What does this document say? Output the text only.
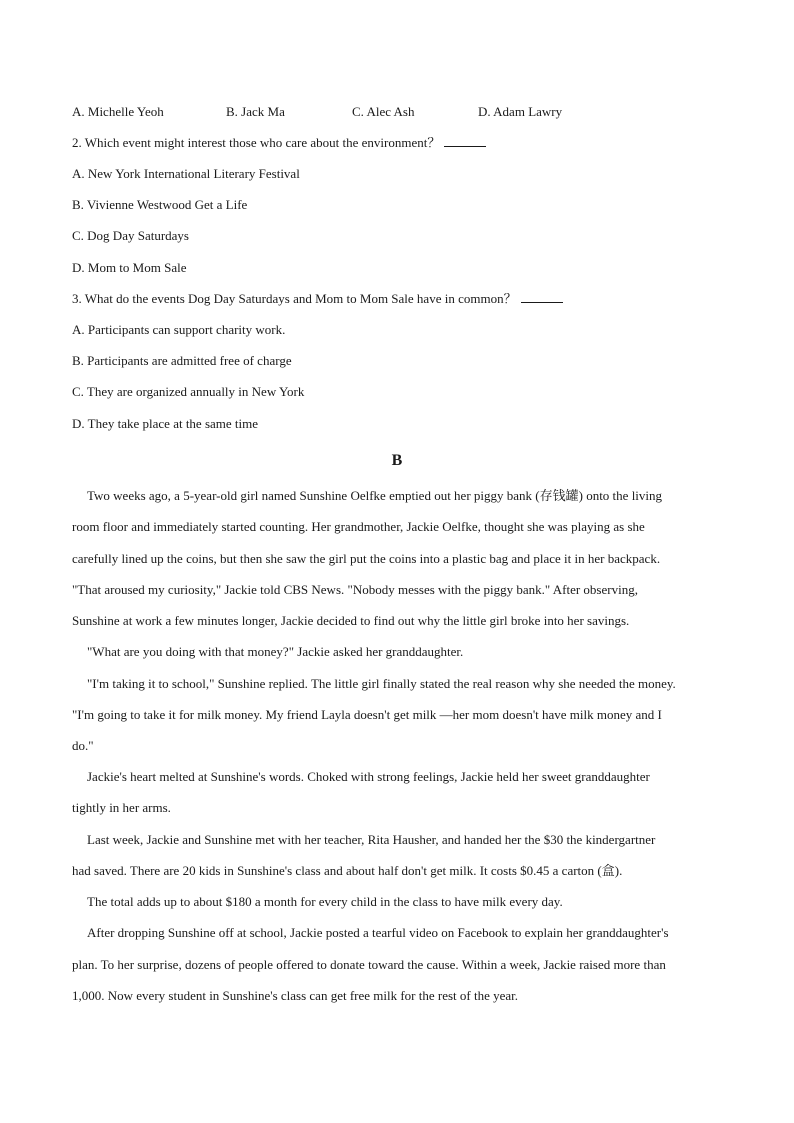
A. Michelle Yeoh	B. Jack Ma	C. Alec Ash	D. Adam Lawry
2. Which event might interest those who care about the environment？
A. New York International Literary Festival
B. Vivienne Westwood Get a Life
C. Dog Day Saturdays
D. Mom to Mom Sale
3. What do the events Dog Day Saturdays and Mom to Mom Sale have in common？
A. Participants can support charity work.
B. Participants are admitted free of charge
C. They are organized annually in New York
D. They take place at the same time
B
Two weeks ago, a 5-year-old girl named Sunshine Oelfke emptied out her piggy bank (存钱罐) onto the living
room floor and immediately started counting. Her grandmother, Jackie Oelfke, thought she was playing as she
carefully lined up the coins, but then she saw the girl put the coins into a plastic bag and place it in her backpack.
"That aroused my curiosity," Jackie told CBS News. "Nobody messes with the piggy bank." After observing,
Sunshine at work a few minutes longer, Jackie decided to find out why the little girl broke into her savings.
"What are you doing with that money?" Jackie asked her granddaughter.
"I'm taking it to school," Sunshine replied. The little girl finally stated the real reason why she needed the money.
"I'm going to take it for milk money. My friend Layla doesn't get milk —her mom doesn't have milk money and I
do."
Jackie's heart melted at Sunshine's words. Choked with strong feelings, Jackie held her sweet granddaughter
tightly in her arms.
Last week, Jackie and Sunshine met with her teacher, Rita Hausher, and handed her the $30 the kindergartner
had saved. There are 20 kids in Sunshine's class and about half don't get milk. It costs $0.45 a carton (盒).
The total adds up to about $180 a month for every child in the class to have milk every day.
After dropping Sunshine off at school, Jackie posted a tearful video on Facebook to explain her granddaughter's
plan. To her surprise, dozens of people offered to donate toward the cause. Within a week, Jackie raised more than
1,000. Now every student in Sunshine's class can get free milk for the rest of the year.
